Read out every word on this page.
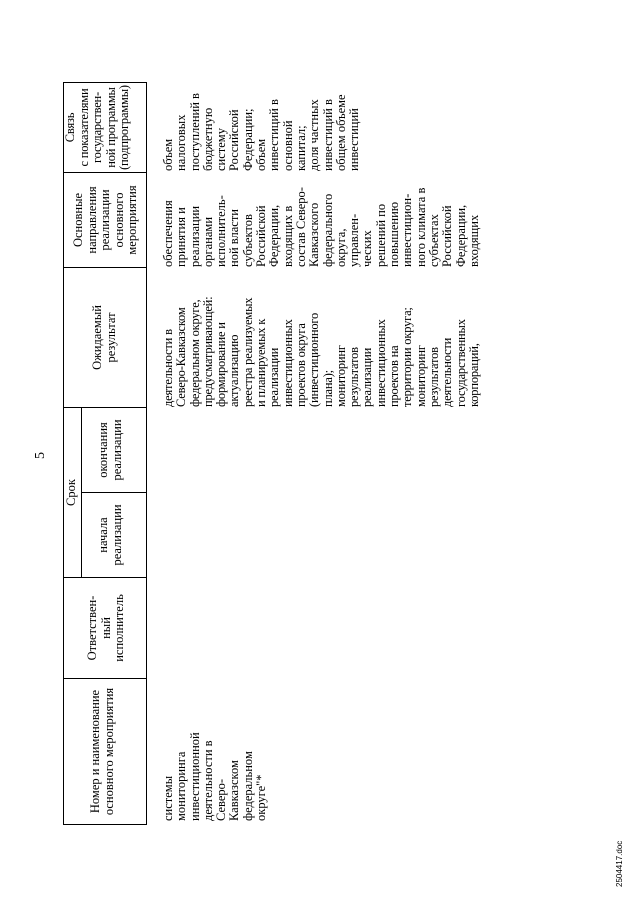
5
Номер и наименование
основного мероприятия
Ответствен-
ный
исполнитель
Срок
начала
реализации
окончания
реализации
Ожидаемый
результат
Основные
направления
реализации
основного
мероприятия
Связь
с показателями
государствен-
ной программы
(подпрограммы)
системы
мониторинга
инвестиционной
деятельности в
Северо-
Кавказском
федеральном
округе"*
деятельности в
Северо-Кавказском
федеральном округе,
предусматривающей:
формирование и
актуализацию
реестра реализуемых
и планируемых к
реализации
инвестиционных
проектов округа
(инвестиционного
плана);
мониторинг
результатов
реализации
инвестиционных
проектов на
территории округа;
мониторинг
результатов
деятельности
государственных
корпораций,
обеспечения
принятия и
реализации
органами
исполнитель-
ной власти
субъектов
Российской
Федерации,
входящих в
состав Северо-
Кавказского
федерального
округа,
управлен-
ческих
решений по
повышению
инвестицион-
ного климата в
субъектах
Российской
Федерации,
входящих
объем
налоговых
поступлений в
бюджетную
систему
Российской
Федерации;
объем
инвестиций в
основной
капитал;
доля частных
инвестиций в
общем объеме
инвестиций
2504417.doc
